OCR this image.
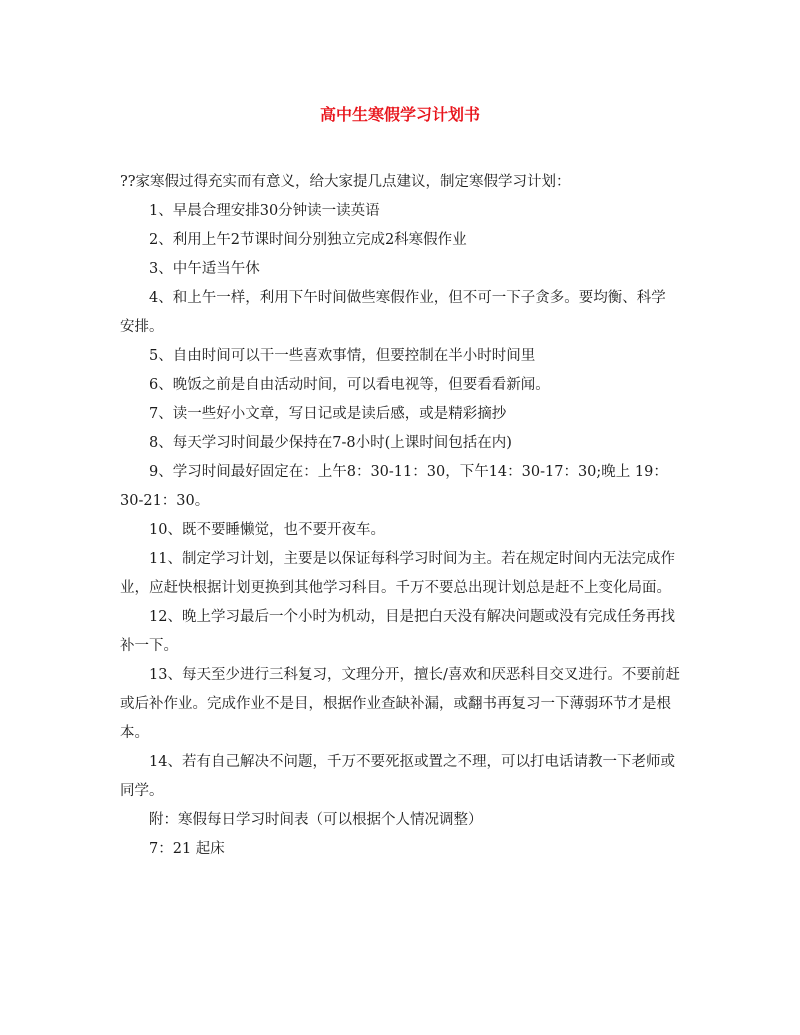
高中生寒假学习计划书

??家寒假过得充实而有意义，给大家提几点建议，制定寒假学习计划：

1、早晨合理安排30分钟读一读英语

2、利用上午2节课时间分别独立完成2科寒假作业

3、中午适当午休

4、和上午一样，利用下午时间做些寒假作业，但不可一下子贪多。要均衡、科学安排。

5、自由时间可以干一些喜欢事情，但要控制在半小时时间里

6、晚饭之前是自由活动时间，可以看电视等，但要看看新闻。

7、读一些好小文章，写日记或是读后感，或是精彩摘抄

8、每天学习时间最少保持在7-8小时(上课时间包括在内)

9、学习时间最好固定在：上午8：30-11：30，下午14：30-17：30;晚上 19：30-21：30。

10、既不要睡懒觉，也不要开夜车。

11、制定学习计划，主要是以保证每科学习时间为主。若在规定时间内无法完成作业，应赶快根据计划更换到其他学习科目。千万不要总出现计划总是赶不上变化局面。

12、晚上学习最后一个小时为机动，目是把白天没有解决问题或没有完成任务再找补一下。

13、每天至少进行三科复习，文理分开，擅长/喜欢和厌恶科目交叉进行。不要前赶或后补作业。完成作业不是目，根据作业查缺补漏，或翻书再复习一下薄弱环节才是根本。

14、若有自己解决不问题，千万不要死抠或置之不理，可以打电话请教一下老师或同学。

附：寒假每日学习时间表（可以根据个人情况调整）

7：21 起床
